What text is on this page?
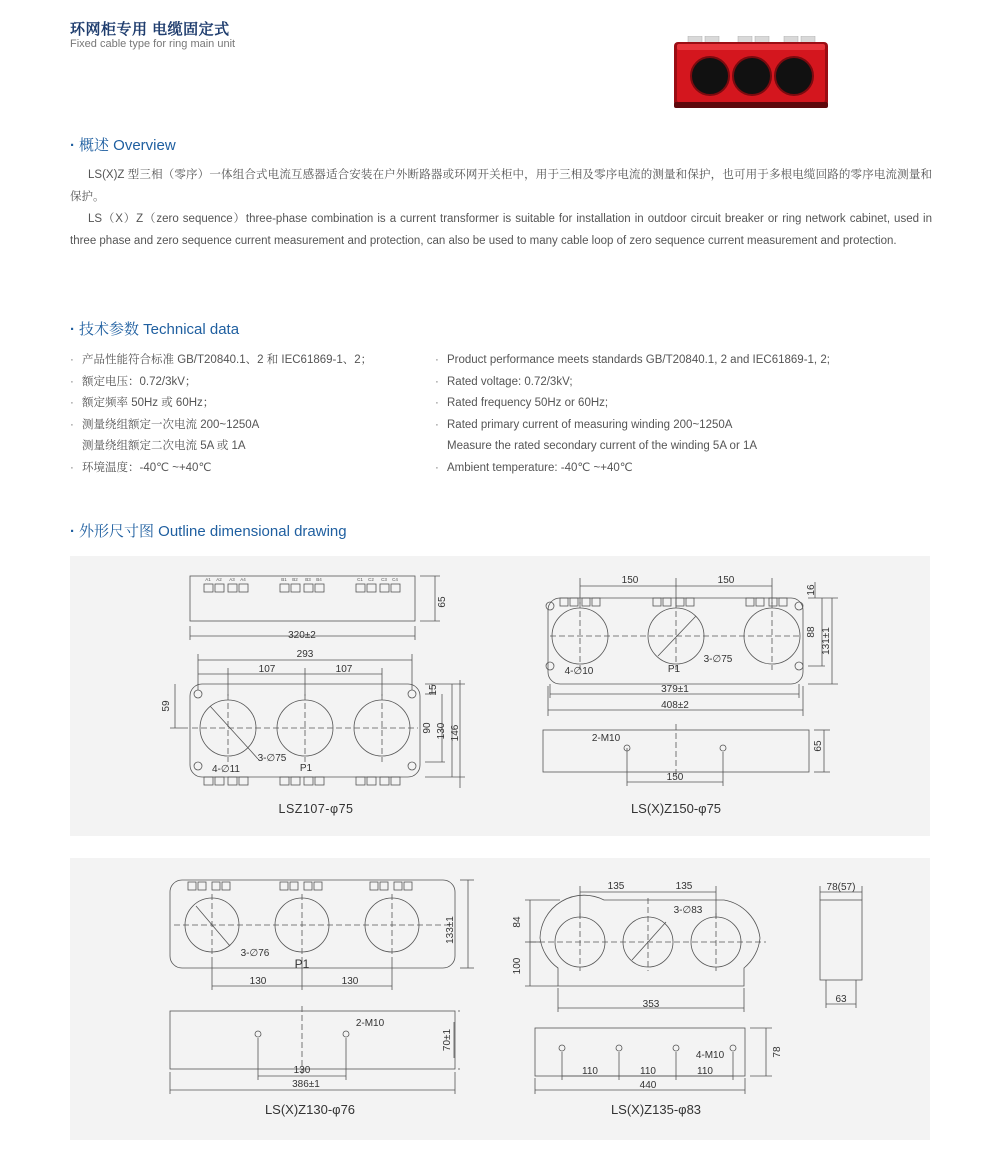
环网柜专用 电缆固定式
Fixed cable type for ring main unit
· 概述 Overview

LS(X)Z 型三相（零序）一体组合式电流互感器适合安装在户外断路器或环网开关柜中，用于三相及零序电流的测量和保护，也可用于多根电缆回路的零序电流测量和保护。

LS（X）Z（zero sequence）three-phase combination is a current transformer is suitable for installation in outdoor circuit breaker or ring network cabinet, used in three phase and zero sequence current measurement and protection, can also be used to many cable loop of zero sequence current measurement and protection.

· 技术参数 Technical data
· 产品性能符合标准 GB/T20840.1、2 和 IEC61869-1、2；
· 额定电压：0.72/3kV；
· 额定频率 50Hz 或 60Hz；
· 测量绕组额定一次电流 200~1250A
测量绕组额定二次电流 5A 或 1A
· 环境温度：-40℃ ~+40℃
· Product performance meets standards GB/T20840.1, 2 and IEC61869-1, 2;
· Rated voltage: 0.72/3kV;
· Rated frequency 50Hz or 60Hz;
· Rated primary current of measuring winding 200~1250A
Measure the rated secondary current of the winding 5A or 1A
· Ambient temperature: -40℃ ~+40℃
· 外形尺寸图 Outline dimensional drawing
320±2
65
293
107	107
59
15
90 130 146
3-∅75
4-∅11	P1
A1 A2 A3 A4	B1 B2 B3 B4	C1 C2 C3 C4
LSZ107-φ75
150	150
16
88 131±1
379±1
408±2
3-∅75
4-∅10	P1
2-M10
150
65
LS(X)Z150-φ75
3-∅76
P1
133±1
130	130
2-M10
70±1
130
386±1
LS(X)Z130-φ76
135	135
3-∅83
84
100
353
78(57)
63
4-M10	78
110	110	110
440
LS(X)Z135-φ83
